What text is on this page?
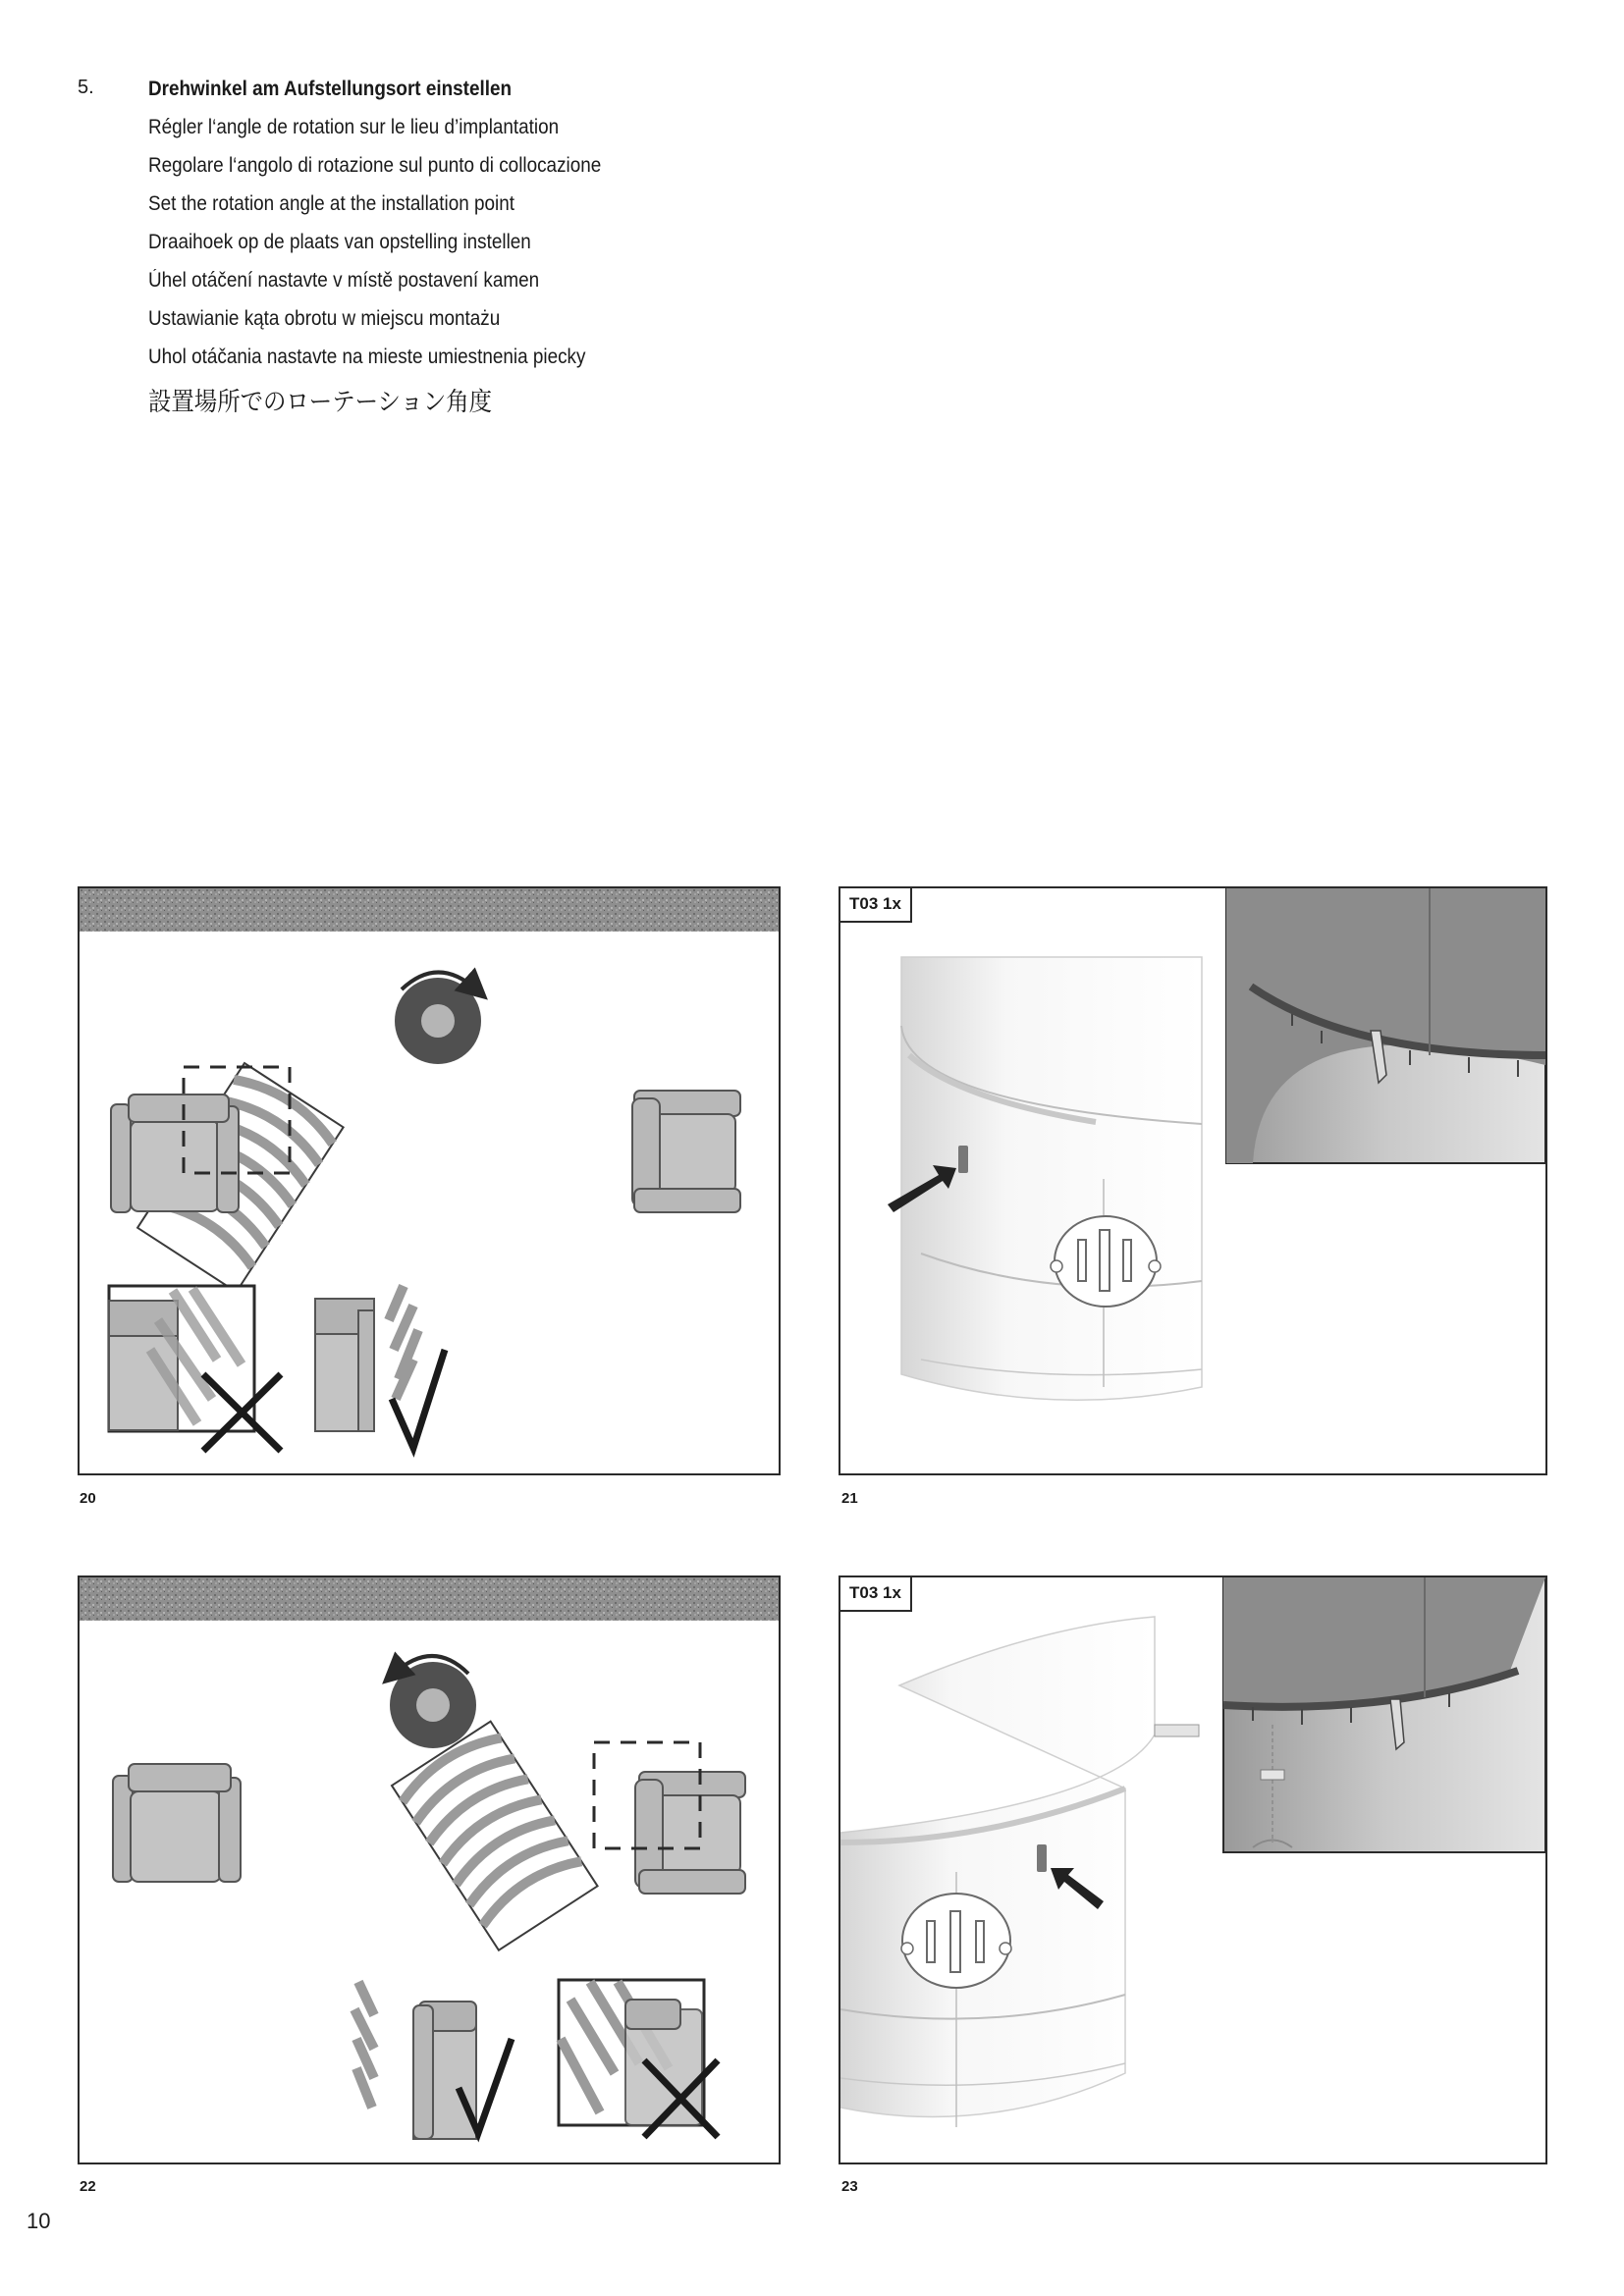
5.	Drehwinkel am Aufstellungsort einstellen
Régler l‘angle de rotation sur le lieu d’implantation
Regolare l‘angolo di rotazione sul punto di collocazione
Set the rotation angle at the installation point
Draaihoek op de plaats van opstelling instellen
Úhel otáčení nastavte v místě postavení kamen
Ustawianie kąta obrotu w miejscu montażu
Uhol otáčania nastavte na mieste umiestnenia piecky
設置場所でのローテーション角度
20
T03 1x
21
22
T03 1x
23
10
